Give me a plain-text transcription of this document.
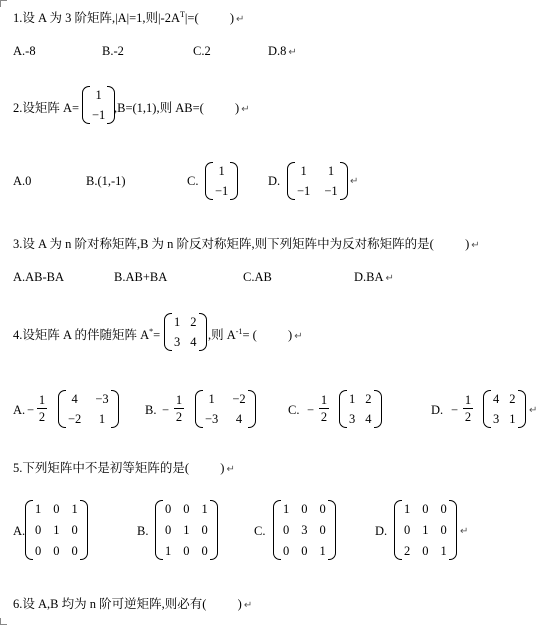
1.设 A 为 3 阶矩阵,|A|=1,则$|-2A^T|=$(          ) ↵
A.-8	B.-2	C.2	D.8 ↵
2.设矩阵 A=
1
−1 ,B=(1,1),则 AB=(          ) ↵
A.0	B.(1,-1)	C.
1
−1
D.
1 1
−1 −1
↵
3.设 A 为 n 阶对称矩阵,B 为 n 阶反对称矩阵,则下列矩阵中为反对称矩阵的是(          ) ↵
A.AB-BA	B.AB+BA	C.AB	D.BA ↵
4.设矩阵 A 的伴随矩阵 A*=
1 2
3 4 ,则 $A^{-1}=$ (          ) ↵
A. −
1
2
4 −3
−2 1
B. −
1
2
1 −2
−3 4
C. −
1
2
1 2
3 4
D. −
1
2
4 2
3 1
↵
5.下列矩阵中不是初等矩阵的是(          ) ↵
A.
1 0 1
0 1 0
0 0 0
B.
0 0 1
0 1 0
1 0 0
C.
1 0 0
0 3 0
0 0 1
D.
1 0 0
0 1 0
2 0 1
↵
6.设 A,B 均为 n 阶可逆矩阵,则必有(          ) ↵
